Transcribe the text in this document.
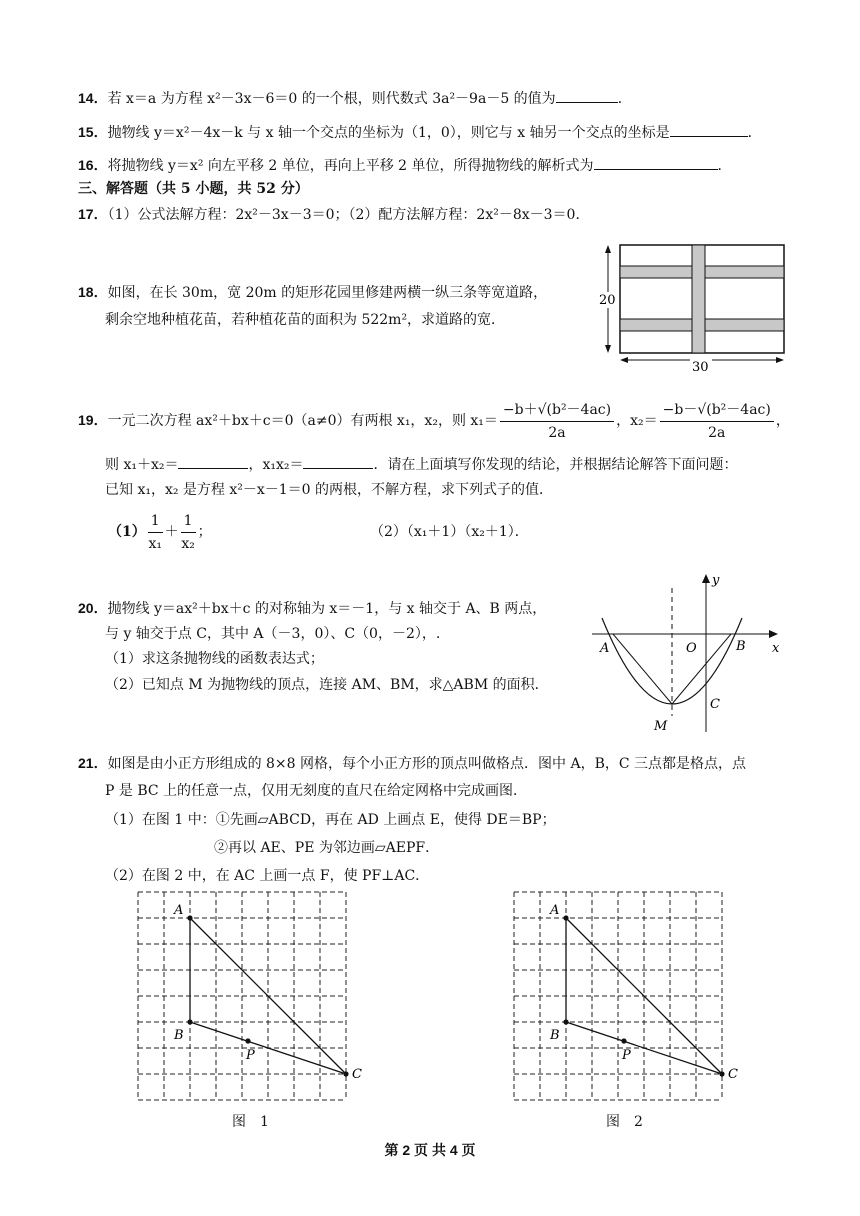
14．若 x＝a 为方程 x²－3x－6＝0 的一个根，则代数式 3a²－9a－5 的值为	．
15．抛物线 y＝x²－4x－k 与 x 轴一个交点的坐标为（1，0），则它与 x 轴另一个交点的坐标是	．
16．将抛物线 y＝x² 向左平移 2 单位，再向上平移 2 单位，所得抛物线的解析式为	．
三、解答题（共 5 小题，共 52 分）
17．（1）公式法解方程：2x²－3x－3＝0；（2）配方法解方程：2x²－8x－3＝0．
18．如图，在长 30m，宽 20m 的矩形花园里修建两横一纵三条等宽道路，
剩余空地种植花苗，若种植花苗的面积为 522m²，求道路的宽．
20
30
19．一元二次方程 ax²＋bx＋c＝0（a≠0）有两根 x₁，x₂，则 $x_1= \frac{\text{−b＋√(b²－4ac)}}{2a}$ ，$x_2= \frac{\text{−b－√(b²－4ac)}}{2a}$ ，
则 x₁＋x₂＝	，x₁x₂＝	．请在上面填写你发现的结论，并根据结论解答下面问题：
已知 x₁，x₂ 是方程 x²－x－1＝0 的两根，不解方程，求下列式子的值．
$(1) \frac{1}{\text{x₁}} + \frac{1}{\text{x₂}}$ ；	（2）（x₁＋1）（x₂＋1）．
20．抛物线 y＝ax²＋bx＋c 的对称轴为 x＝－1，与 x 轴交于 A、B 两点，
与 y 轴交于点 C，其中 A（－3，0）、C（0，－2），.
（1）求这条抛物线的函数表达式；
（2）已知点 M 为抛物线的顶点，连接 AM、BM，求△ABM 的面积．
y
x
A	O	B
C
M
21．如图是由小正方形组成的 8×8 网格，每个小正方形的顶点叫做格点．图中 A，B，C 三点都是格点，点
P 是 BC 上的任意一点，仅用无刻度的直尺在给定网格中完成画图．
（1）在图 1 中：①先画▱ABCD，再在 AD 上画点 E，使得 DE＝BP；
②再以 AE、PE 为邻边画▱AEPF．
（2）在图 2 中，在 AC 上画一点 F，使 PF⊥AC．
A
B
C
P
图　1
A
B
C
P
图　2
第 2 页 共 4 页
